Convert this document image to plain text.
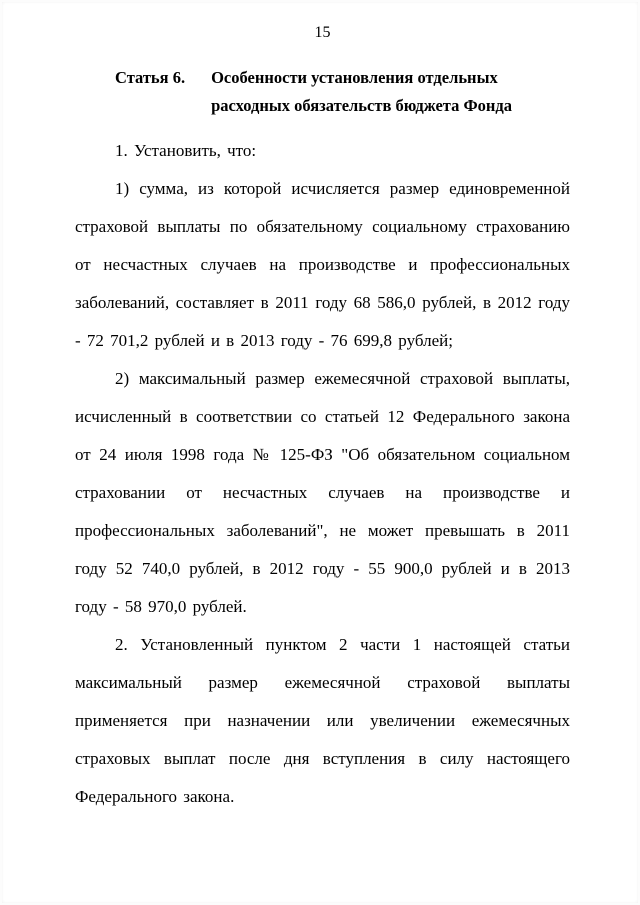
15
Статья 6. Особенности установления отдельных расходных обязательств бюджета Фонда

1. Установить, что:

1) сумма, из которой исчисляется размер единовременной страховой выплаты по обязательному социальному страхованию от несчастных случаев на производстве и профессиональных заболеваний, составляет в 2011 году 68 586,0 рублей, в 2012 году - 72 701,2 рублей и в 2013 году - 76 699,8 рублей;

2) максимальный размер ежемесячной страховой выплаты, исчисленный в соответствии со статьей 12 Федерального закона от 24 июля 1998 года № 125-ФЗ "Об обязательном социальном страховании от несчастных случаев на производстве и профессиональных заболеваний", не может превышать в 2011 году 52 740,0 рублей, в 2012 году - 55 900,0 рублей и в 2013 году - 58 970,0 рублей.

2. Установленный пунктом 2 части 1 настоящей статьи максимальный размер ежемесячной страховой выплаты применяется при назначении или увеличении ежемесячных страховых выплат после дня вступления в силу настоящего Федерального закона.
